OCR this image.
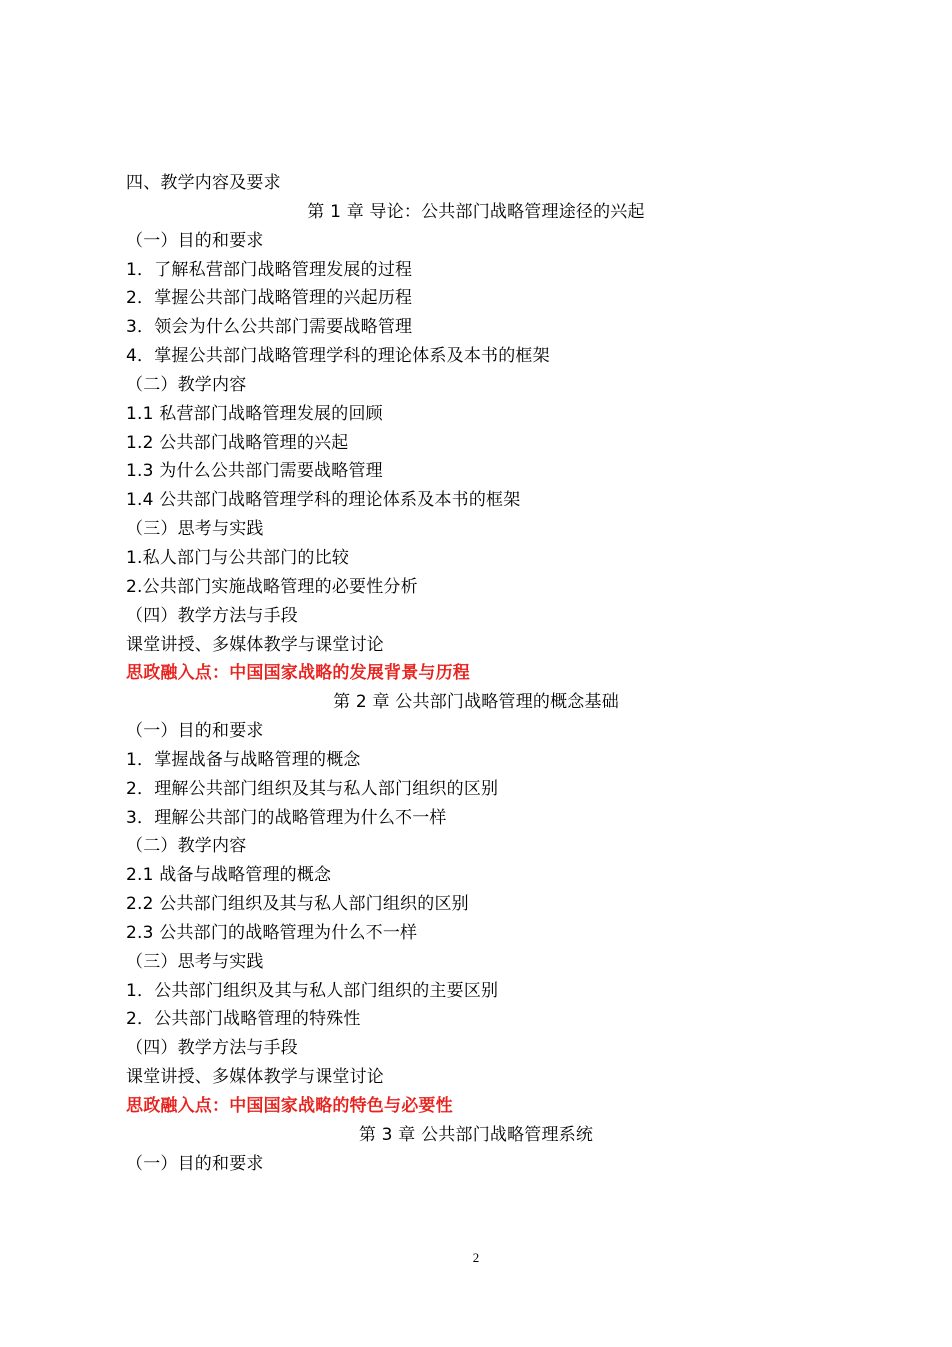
四、教学内容及要求
第 1 章 导论：公共部门战略管理途径的兴起
（一）目的和要求
1．了解私营部门战略管理发展的过程
2．掌握公共部门战略管理的兴起历程
3．领会为什么公共部门需要战略管理
4．掌握公共部门战略管理学科的理论体系及本书的框架
（二）教学内容
1.1 私营部门战略管理发展的回顾
1.2 公共部门战略管理的兴起
1.3 为什么公共部门需要战略管理
1.4 公共部门战略管理学科的理论体系及本书的框架
（三）思考与实践
1.私人部门与公共部门的比较
2.公共部门实施战略管理的必要性分析
（四）教学方法与手段
课堂讲授、多媒体教学与课堂讨论
思政融入点：中国国家战略的发展背景与历程
第 2 章 公共部门战略管理的概念基础
（一）目的和要求
1．掌握战备与战略管理的概念
2．理解公共部门组织及其与私人部门组织的区别
3．理解公共部门的战略管理为什么不一样
（二）教学内容
2.1 战备与战略管理的概念
2.2 公共部门组织及其与私人部门组织的区别
2.3 公共部门的战略管理为什么不一样
（三）思考与实践
1．公共部门组织及其与私人部门组织的主要区别
2．公共部门战略管理的特殊性
（四）教学方法与手段
课堂讲授、多媒体教学与课堂讨论
思政融入点：中国国家战略的特色与必要性
第 3 章 公共部门战略管理系统
（一）目的和要求
2
